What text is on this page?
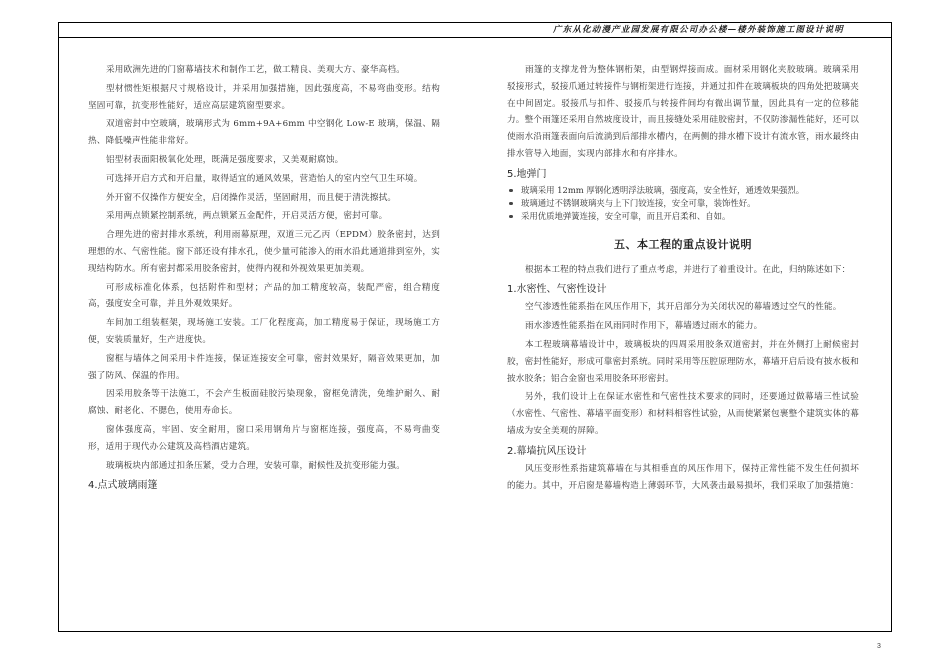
广东从化动漫产业园发展有限公司办公楼—楼外装饰施工图设计说明

采用欧洲先进的门窗幕墙技术和制作工艺，做工精良、美观大方、豪华高档。

型材惯性矩根据尺寸规格设计，并采用加强措施，因此强度高，不易弯曲变形。结构坚固可靠，抗变形性能好，适应高层建筑窗型要求。

双道密封中空玻璃，玻璃形式为 6mm+9A+6mm 中空钢化 Low-E 玻璃，保温、隔热、降低噪声性能非常好。

铝型材表面阳极氧化处理，既满足强度要求，又美观耐腐蚀。

可选择开启方式和开启量，取得适宜的通风效果，营造怡人的室内空气卫生环境。

外开窗不仅操作方便安全，启闭操作灵活，坚固耐用，而且便于清洗擦拭。

采用两点锁紧控制系统，两点锁紧五金配件，开启灵活方便，密封可靠。

合理先进的密封排水系统，利用雨幕原理，双道三元乙丙（EPDM）胶条密封，达到理想的水、气密性能。窗下部还设有排水孔，使少量可能渗入的雨水沿此通道排到室外，实现结构防水。所有密封都采用胶条密封，使得内视和外视效果更加美观。

可形成标准化体系，包括附件和型材；产品的加工精度较高，装配严密，组合精度高，强度安全可靠，并且外观效果好。

车间加工组装框架，现场施工安装。工厂化程度高，加工精度易于保证，现场施工方便，安装质量好，生产进度快。

窗框与墙体之间采用卡件连接，保证连接安全可靠，密封效果好，隔音效果更加，加强了防风、保温的作用。

因采用胶条等干法施工，不会产生板面硅胶污染现象，窗框免清洗，免维护耐久、耐腐蚀、耐老化、不腮色，使用寿命长。

窗体强度高，牢固、安全耐用，窗口采用钢角片与窗框连接，强度高，不易弯曲变形，适用于现代办公建筑及高档酒店建筑。

玻璃板块内部通过扣条压紧，受力合理，安装可靠，耐候性及抗变形能力强。

4.点式玻璃雨篷

雨篷的支撑龙骨为整体钢桁架，由型钢焊接而成。面材采用钢化夹胶玻璃。玻璃采用驳接形式，驳接爪通过转接件与钢桁架进行连接，并通过扣件在玻璃板块的四角处把玻璃夹在中间固定。驳接爪与扣件、驳接爪与转接件间均有微出调节量，因此具有一定的位移能力。整个雨篷还采用自然坡度设计，而且接缝处采用硅胶密封，不仅防渗漏性能好，还可以使雨水沿雨篷表面向后流淌到后部排水槽内，在两侧的排水槽下设计有流水管，雨水最终由排水管导入地面，实现内部排水和有序排水。

5.地弹门

玻璃采用 12mm 厚钢化透明浮法玻璃，强度高，安全性好，通透效果强烈。
玻璃通过不锈钢玻璃夹与上下门铰连接，安全可靠，装饰性好。
采用优质地弹簧连接，安全可靠，而且开启柔和、自如。
五、本工程的重点设计说明

根据本工程的特点我们进行了重点考虑，并进行了着重设计。在此，归纳陈述如下：

1.水密性、气密性设计

空气渗透性能系指在风压作用下，其开启部分为关闭状况的幕墙透过空气的性能。

雨水渗透性能系指在风雨同时作用下，幕墙透过雨水的能力。

本工程玻璃幕墙设计中，玻璃板块的四周采用胶条双道密封，并在外侧打上耐候密封胶，密封性能好，形成可靠密封系统。同时采用等压腔原理防水，幕墙开启后设有披水板和披水胶条；铝合金窗也采用胶条环形密封。

另外，我们设计上在保证水密性和气密性技术要求的同时，还要通过做幕墙三性试验（水密性、气密性、幕墙平面变形）和材料相容性试验，从而使紧紧包裹整个建筑实体的幕墙成为安全美观的屏障。

2.幕墙抗风压设计

风压变形性系指建筑幕墙在与其相垂直的风压作用下，保持正常性能不发生任何损坏的能力。其中，开启窗是幕墙构造上薄弱环节，大风袭击最易损坏，我们采取了加强措施：

3
